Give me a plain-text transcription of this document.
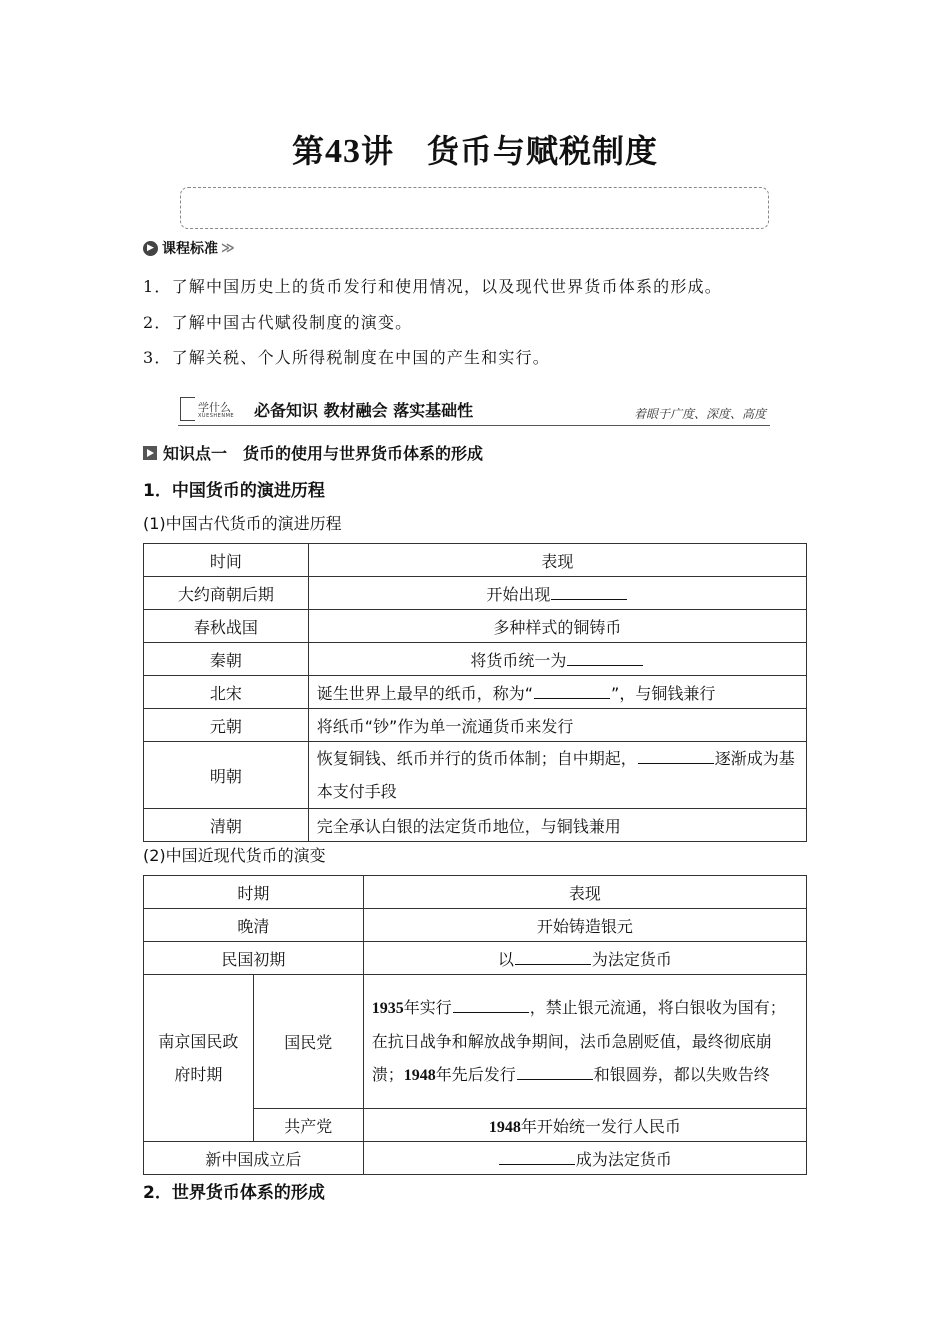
第43讲　货币与赋税制度
▶ 课程标准 ≫
1．了解中国历史上的货币发行和使用情况，以及现代世界货币体系的形成。
2．了解中国古代赋役制度的演变。
3．了解关税、个人所得税制度在中国的产生和实行。
学什么
XUESHENME 必备知识 教材融会 落实基础性	着眼于广度、深度、高度
知识点一　货币的使用与世界货币体系的形成
1．中国货币的演进历程
(1)中国古代货币的演进历程
时间	表现
大约商朝后期	开始出现
春秋战国	多种样式的铜铸币
秦朝	将货币统一为
北宋	诞生世界上最早的纸币，称为“ ”，与铜钱兼行
元朝	将纸币“钞”作为单一流通货币来发行
明朝	恢复铜钱、纸币并行的货币体制；自中期起， 逐渐成为基本支付手段
清朝	完全承认白银的法定货币地位，与铜钱兼用
(2)中国近现代货币的演变
时期		表现
晚清		开始铸造银元
民国初期		以 为法定货币
南京国民政府时期	国民党	1935年实行 ，禁止银元流通，将白银收为国有；在抗日战争和解放战争期间，法币急剧贬值，最终彻底崩溃；1948年先后发行 和银圆券，都以失败告终
	共产党	1948年开始统一发行人民币
新中国成立后		成为法定货币
2．世界货币体系的形成
